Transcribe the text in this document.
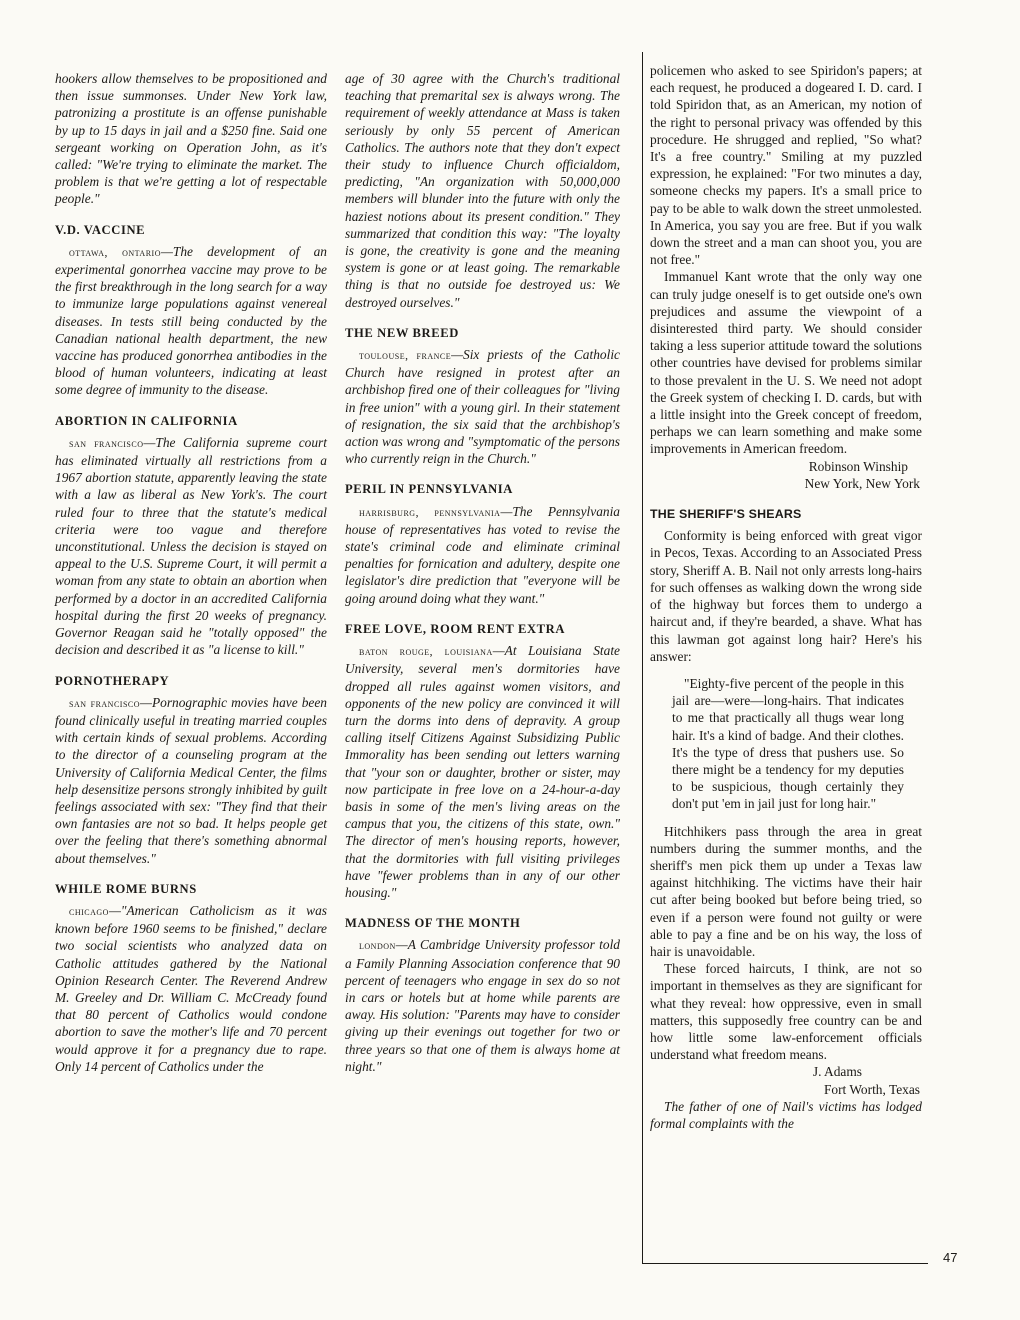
hookers allow themselves to be propositioned and then issue summonses. Under New York law, patronizing a prostitute is an offense punishable by up to 15 days in jail and a $250 fine. Said one sergeant working on Operation John, as it's called: "We're trying to eliminate the market. The problem is that we're getting a lot of respectable people."

V.D. VACCINE

ottawa, ontario—The development of an experimental gonorrhea vaccine may prove to be the first breakthrough in the long search for a way to immunize large populations against venereal diseases. In tests still being conducted by the Canadian national health department, the new vaccine has produced gonorrhea antibodies in the blood of human volunteers, indicating at least some degree of immunity to the disease.

ABORTION IN CALIFORNIA

san francisco—The California supreme court has eliminated virtually all restrictions from a 1967 abortion statute, apparently leaving the state with a law as liberal as New York's. The court ruled four to three that the statute's medical criteria were too vague and therefore unconstitutional. Unless the decision is stayed on appeal to the U.S. Supreme Court, it will permit a woman from any state to obtain an abortion when performed by a doctor in an accredited California hospital during the first 20 weeks of pregnancy. Governor Reagan said he "totally opposed" the decision and described it as "a license to kill."

PORNOTHERAPY

san francisco—Pornographic movies have been found clinically useful in treating married couples with certain kinds of sexual problems. According to the director of a counseling program at the University of California Medical Center, the films help desensitize persons strongly inhibited by guilt feelings associated with sex: "They find that their own fantasies are not so bad. It helps people get over the feeling that there's something abnormal about themselves."

WHILE ROME BURNS

chicago—"American Catholicism as it was known before 1960 seems to be finished," declare two social scientists who analyzed data on Catholic attitudes gathered by the National Opinion Research Center. The Reverend Andrew M. Greeley and Dr. William C. McCready found that 80 percent of Catholics would condone abortion to save the mother's life and 70 percent would approve it for a pregnancy due to rape. Only 14 percent of Catholics under the

age of 30 agree with the Church's traditional teaching that premarital sex is always wrong. The requirement of weekly attendance at Mass is taken seriously by only 55 percent of American Catholics. The authors note that they don't expect their study to influence Church officialdom, predicting, "An organization with 50,000,000 members will blunder into the future with only the haziest notions about its present condition." They summarized that condition this way: "The loyalty is gone, the creativity is gone and the meaning system is gone or at least going. The remarkable thing is that no outside foe destroyed us: We destroyed ourselves."

THE NEW BREED

toulouse, france—Six priests of the Catholic Church have resigned in protest after an archbishop fired one of their colleagues for "living in free union" with a young girl. In their statement of resignation, the six said that the archbishop's action was wrong and "symptomatic of the persons who currently reign in the Church."

PERIL IN PENNSYLVANIA

harrisburg, pennsylvania—The Pennsylvania house of representatives has voted to revise the state's criminal code and eliminate criminal penalties for fornication and adultery, despite one legislator's dire prediction that "everyone will be going around doing what they want."

FREE LOVE, ROOM RENT EXTRA

baton rouge, louisiana—At Louisiana State University, several men's dormitories have dropped all rules against women visitors, and opponents of the new policy are convinced it will turn the dorms into dens of depravity. A group calling itself Citizens Against Subsidizing Public Immorality has been sending out letters warning that "your son or daughter, brother or sister, may now participate in free love on a 24-hour-a-day basis in some of the men's living areas on the campus that you, the citizens of this state, own." The director of men's housing reports, however, that the dormitories with full visiting privileges have "fewer problems than in any of our other housing."

MADNESS OF THE MONTH

london—A Cambridge University professor told a Family Planning Association conference that 90 percent of teenagers who engage in sex do so not in cars or hotels but at home while parents are away. His solution: "Parents may have to consider giving up their evenings out together for two or three years so that one of them is always home at night."

policemen who asked to see Spiridon's papers; at each request, he produced a dogeared I. D. card. I told Spiridon that, as an American, my notion of the right to personal privacy was offended by this procedure. He shrugged and replied, "So what? It's a free country." Smiling at my puzzled expression, he explained: "For two minutes a day, someone checks my papers. It's a small price to pay to be able to walk down the street unmolested. In America, you say you are free. But if you walk down the street and a man can shoot you, you are not free."

Immanuel Kant wrote that the only way one can truly judge oneself is to get outside one's own prejudices and assume the viewpoint of a disinterested third party. We should consider taking a less superior attitude toward the solutions other countries have devised for problems similar to those prevalent in the U. S. We need not adopt the Greek system of checking I. D. cards, but with a little insight into the Greek concept of freedom, perhaps we can learn something and make some improvements in American freedom.

Robinson Winship

New York, New York

THE SHERIFF'S SHEARS

Conformity is being enforced with great vigor in Pecos, Texas. According to an Associated Press story, Sheriff A. B. Nail not only arrests long-hairs for such offenses as walking down the wrong side of the highway but forces them to undergo a haircut and, if they're bearded, a shave. What has this lawman got against long hair? Here's his answer:

"Eighty-five percent of the people in this jail are—were—long-hairs. That indicates to me that practically all thugs wear long hair. It's a kind of badge. And their clothes. It's the type of dress that pushers use. So there might be a tendency for my deputies to be suspicious, though certainly they don't put 'em in jail just for long hair."

Hitchhikers pass through the area in great numbers during the summer months, and the sheriff's men pick them up under a Texas law against hitchhiking. The victims have their hair cut after being booked but before being tried, so even if a person were found not guilty or were able to pay a fine and be on his way, the loss of hair is unavoidable.

These forced haircuts, I think, are not so important in themselves as they are significant for what they reveal: how oppressive, even in small matters, this supposedly free country can be and how little some law-enforcement officials understand what freedom means.

J. Adams

Fort Worth, Texas

The father of one of Nail's victims has lodged formal complaints with the

47
